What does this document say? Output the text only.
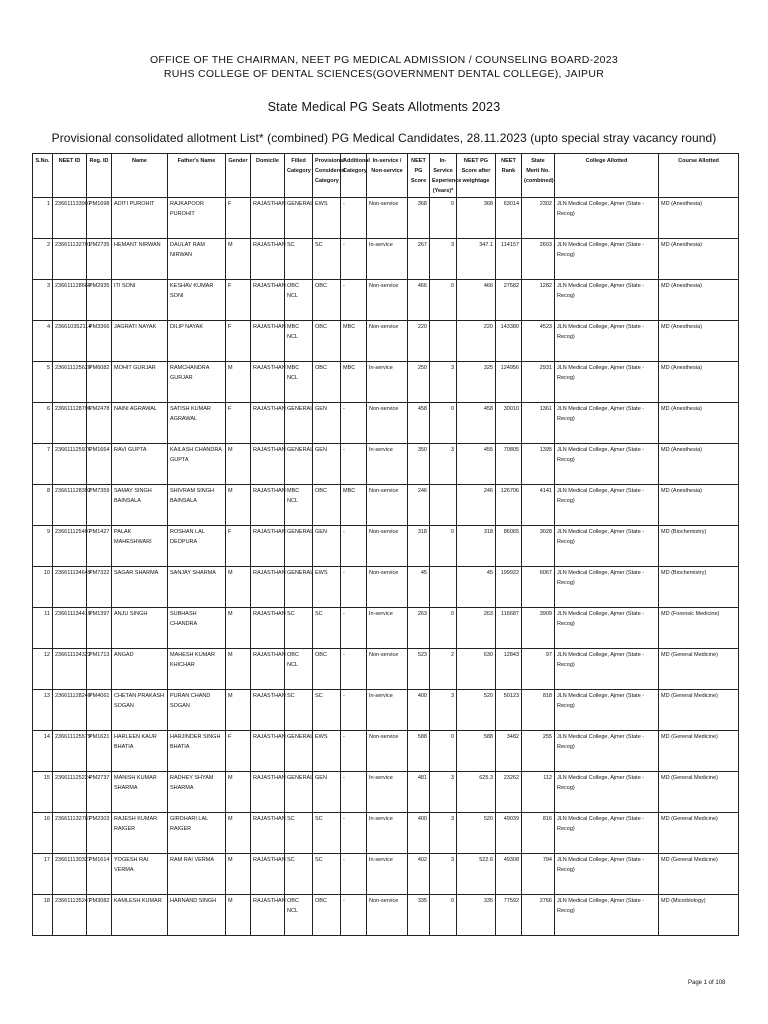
OFFICE OF THE CHAIRMAN, NEET PG MEDICAL ADMISSION / COUNSELING BOARD-2023
RUHS COLLEGE OF DENTAL SCIENCES(GOVERNMENT DENTAL COLLEGE), JAIPUR
State Medical PG Seats Allotments 2023
Provisional consolidated allotment List* (combined) PG Medical Candidates, 28.11.2023 (upto special stray vacancy round)
S.No.	NEET ID	Reg. ID	Name	Father's Name	Gender	Domicile	Filled Category	Provisional Considered Category	Additional Category	In-service / Non-service	NEET PG Score	In-Service Experience (Years)*	NEET PG Score after weightage	NEET Rank	State Merit No. (combined)	College Allotted	Course Allotted
1	236611133907	PM1698	ADITI PUROHIT	RAJKAPOOR PUROHIT	F	RAJASTHAN	GENERAL	EWS	-	Non-service	368	0	368	63014	2302	JLN Medical College, Ajmer (State - Recog)	MD (Anesthesia)
2	236611132701	PM2735	HEMANT NIRWAN	DAULAT RAM NIRWAN	M	RAJASTHAN	SC	SC	-	In-service	267	3	347.1	114157	2603	JLN Medical College, Ajmer (State - Recog)	MD (Anesthesia)
3	236611128660	PM2935	ITI SONI	KESHAV KUMAR SONI	F	RAJASTHAN	OBC NCL	OBC	-	Non-service	466	0	466	27582	1282	JLN Medical College, Ajmer (State - Recog)	MD (Anesthesia)
4	236610352114	PM3366	JAGRATI NAYAK	DILIP NAYAK	F	RAJASTHAN	MBC NCL	OBC	MBC	Non-service	220		220	143380	4523	JLN Medical College, Ajmer (State - Recog)	MD (Anesthesia)
5	236611125620	PM6082	MOHIT GURJAR	RAMCHANDRA GURJAR	M	RAJASTHAN	MBC NCL	OBC	MBC	In-service	250	3	325	124956	2931	JLN Medical College, Ajmer (State - Recog)	MD (Anesthesia)
6	236611128796	PM2478	NAINI AGRAWAL	SATISH KUMAR AGRAWAL	F	RAJASTHAN	GENERAL	GEN	-	Non-service	458	0	458	30010	1361	JLN Medical College, Ajmer (State - Recog)	MD (Anesthesia)
7	236611125976	PM1664	RAVI GUPTA	KAILASH CHANDRA GUPTA	M	RAJASTHAN	GENERAL	GEN	-	In-service	350	3	455	70805	1395	JLN Medical College, Ajmer (State - Recog)	MD (Anesthesia)
8	236611128392	PM7359	SAMAY SINGH BAINSALA	SHIVRAM SINGH BAINSALA	M	RAJASTHAN	MBC NCL	OBC	MBC	Non-service	246		246	126706	4141	JLN Medical College, Ajmer (State - Recog)	MD (Anesthesia)
9	236611125407	PM1427	PALAK MAHESHWARI	ROSHAN LAL DEOPURA	F	RAJASTHAN	GENERAL	GEN	-	Non-service	318	0	318	86065	3028	JLN Medical College, Ajmer (State - Recog)	MD (Biochemistry)
10	236611134649	PM7322	SAGAR SHARMA	SANJAY SHARMA	M	RAJASTHAN	GENERAL	EWS	-	Non-service	45		45	199922	6067	JLN Medical College, Ajmer (State - Recog)	MD (Biochemistry)
11	236611134419	PM1397	ANJU SINGH	SUBHASH CHANDRA	M	RAJASTHAN	SC	SC	-	In-service	263	0	263	116687	3909	JLN Medical College, Ajmer (State - Recog)	MD (Forensic Medicine)
12	236611134322	PM1713	ANGAD	MAHESH KUMAR KHICHAR	M	RAJASTHAN	OBC NCL	OBC	-	Non-service	523	2	630	12843	97	JLN Medical College, Ajmer (State - Recog)	MD (General Medicine)
13	236611128240	PM4061	CHETAN PRAKASH SOGAN	PURAN CHAND SOGAN	M	RAJASTHAN	SC	SC	-	In-service	400	3	520	50123	818	JLN Medical College, Ajmer (State - Recog)	MD (General Medicine)
14	236611125579	PM1621	HARLEEN KAUR BHATIA	HARJINDER SINGH BHATIA	F	RAJASTHAN	GENERAL	EWS	-	Non-service	588	0	588	3482	255	JLN Medical College, Ajmer (State - Recog)	MD (General Medicine)
15	236611125224	PM2737	MANISH KUMAR SHARMA	RADHEY SHYAM SHARMA	M	RAJASTHAN	GENERAL	GEN	-	In-service	481	3	625.3	23262	112	JLN Medical College, Ajmer (State - Recog)	MD (General Medicine)
16	236611132787	PM2303	RAJESH KUMAR RAIGER	GIRDHARI LAL RAIGER	M	RAJASTHAN	SC	SC	-	In-service	400	3	520	49039	816	JLN Medical College, Ajmer (State - Recog)	MD (General Medicine)
17	236611130327	PM1614	YOGESH RAI VERMA	RAM RAI VERMA	M	RAJASTHAN	SC	SC	-	In-service	402	3	522.6	49308	794	JLN Medical College, Ajmer (State - Recog)	MD (General Medicine)
18	236611135247	PM3082	KAMLESH KUMAR	HARNAND SINGH	M	RAJASTHAN	OBC NCL	OBC	-	Non-service	335	0	335	77592	2766	JLN Medical College, Ajmer (State - Recog)	MD (Microbiology)
Page 1 of 108
